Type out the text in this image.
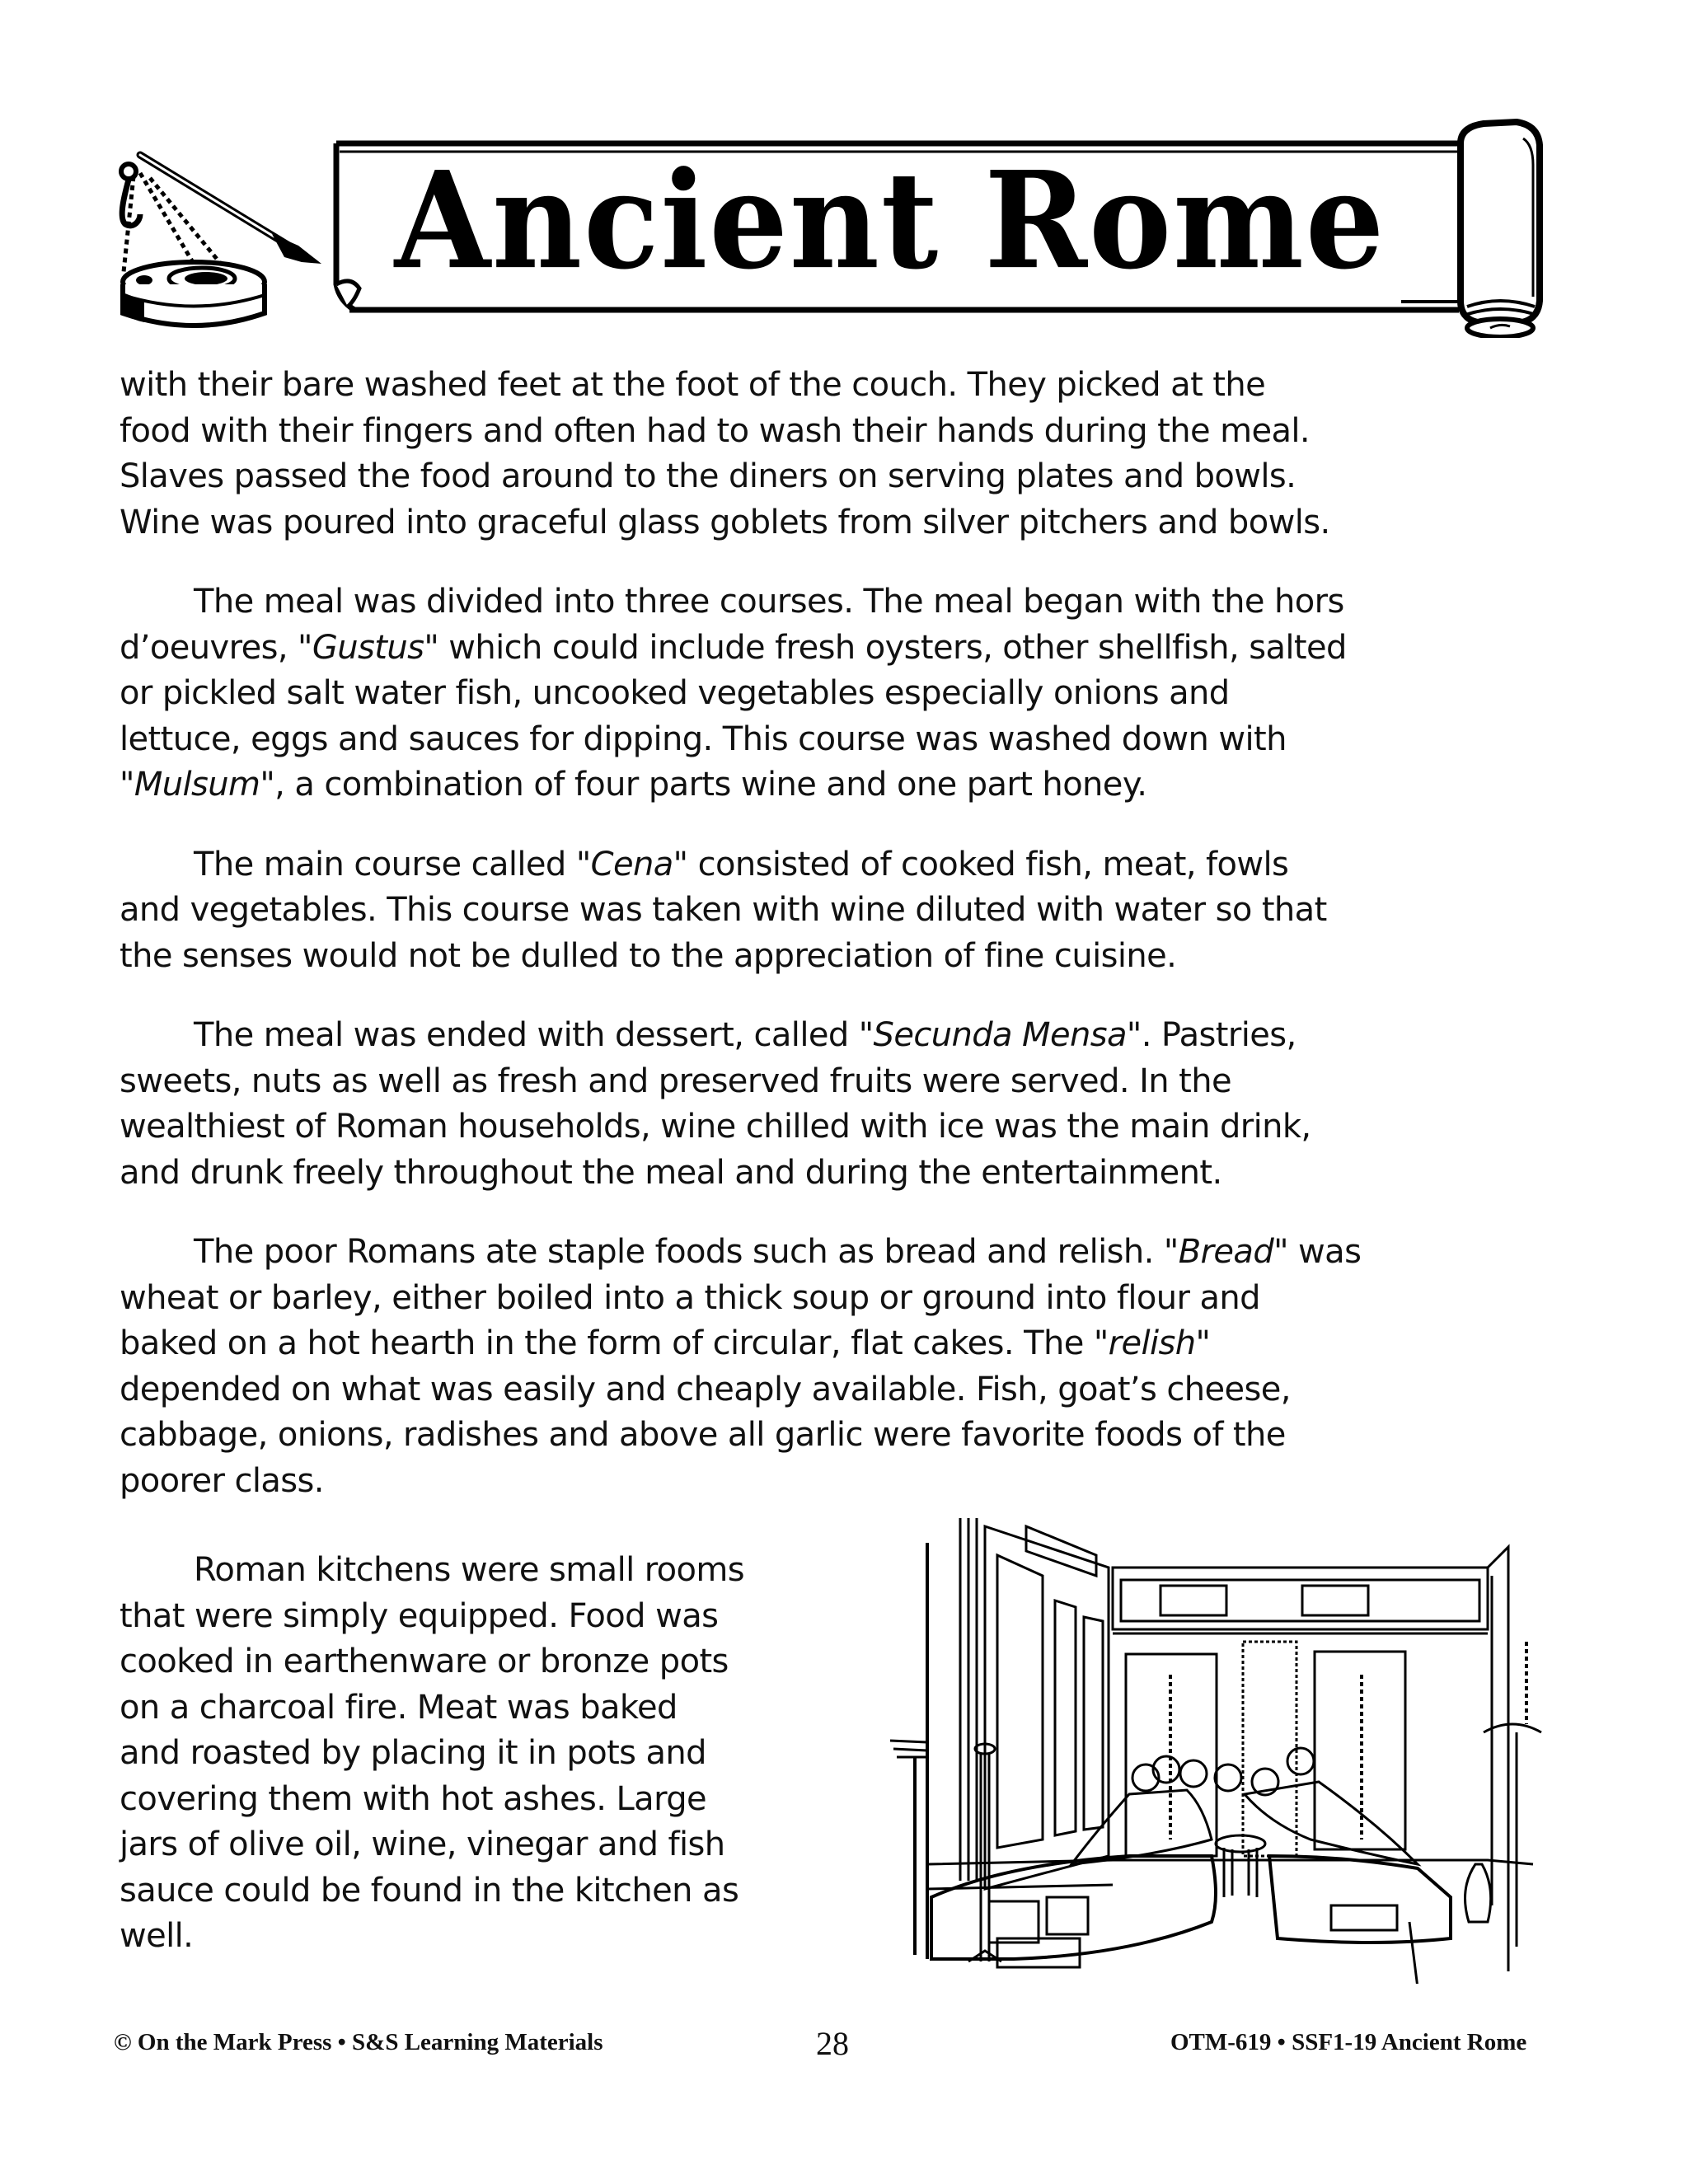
Ancient Rome
with their bare washed feet at the foot of the couch. They picked at the
food with their fingers and often had to wash their hands during the meal.
Slaves passed the food around to the diners on serving plates and bowls.
Wine was poured into graceful glass goblets from silver pitchers and bowls.
The meal was divided into three courses. The meal began with the hors
d’oeuvres, "Gustus" which could include fresh oysters, other shellfish, salted
or pickled salt water fish, uncooked vegetables especially onions and
lettuce, eggs and sauces for dipping. This course was washed down with
"Mulsum", a combination of four parts wine and one part honey.
The main course called "Cena" consisted of cooked fish, meat, fowls
and vegetables. This course was taken with wine diluted with water so that
the senses would not be dulled to the appreciation of fine cuisine.
The meal was ended with dessert, called "Secunda Mensa". Pastries,
sweets, nuts as well as fresh and preserved fruits were served. In the
wealthiest of Roman households, wine chilled with ice was the main drink,
and drunk freely throughout the meal and during the entertainment.
The poor Romans ate staple foods such as bread and relish. "Bread" was
wheat or barley, either boiled into a thick soup or ground into flour and
baked on a hot hearth in the form of circular, flat cakes. The "relish"
depended on what was easily and cheaply available. Fish, goat’s cheese,
cabbage, onions, radishes and above all garlic were favorite foods of the
poorer class.
Roman kitchens were small rooms
that were simply equipped. Food was
cooked in earthenware or bronze pots
on a charcoal fire. Meat was baked
and roasted by placing it in pots and
covering them with hot ashes. Large
jars of olive oil, wine, vinegar and fish
sauce could be found in the kitchen as
well.
© On the Mark Press • S&S Learning Materials	28	OTM-619 • SSF1-19 Ancient Rome
